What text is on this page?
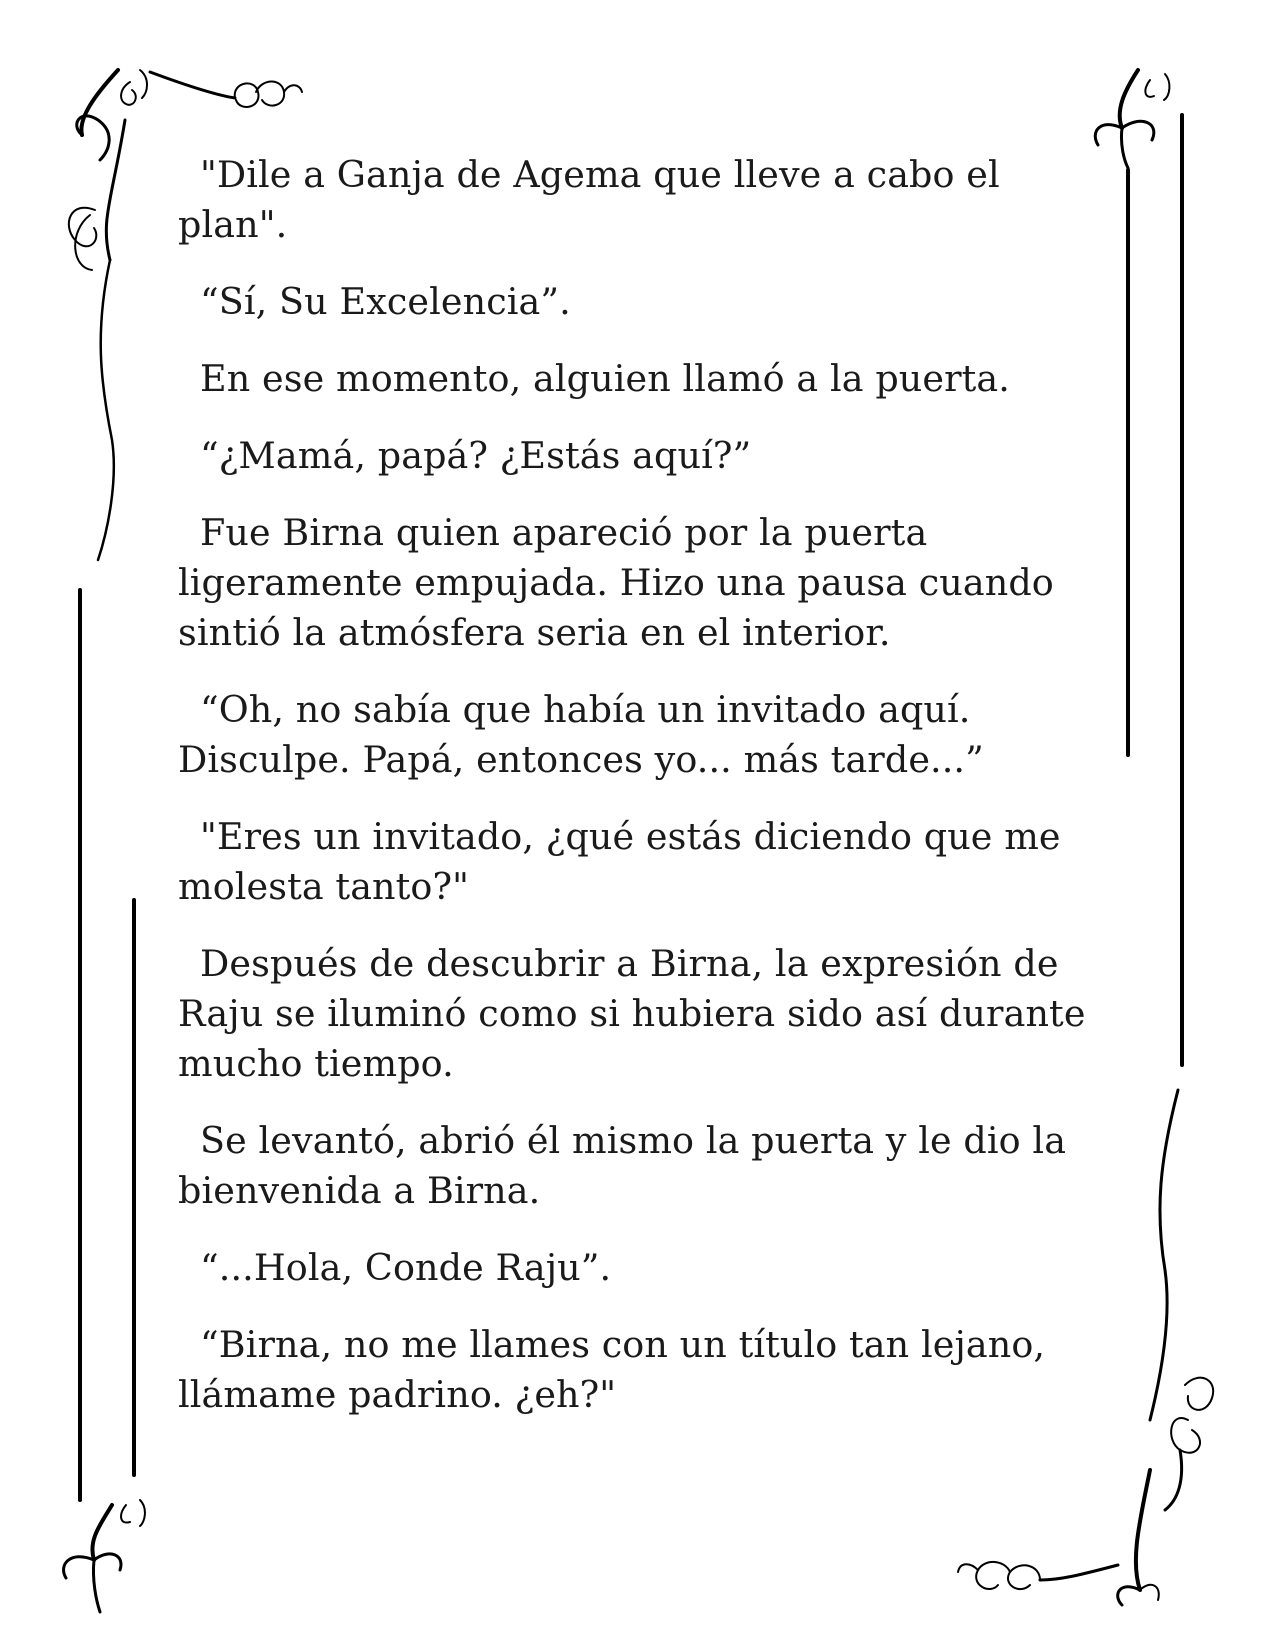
"Dile a Ganja de Agema que lleve a cabo el plan".

“Sí, Su Excelencia”.

En ese momento, alguien llamó a la puerta.

“¿Mamá, papá? ¿Estás aquí?”

Fue Birna quien apareció por la puerta ligeramente empujada. Hizo una pausa cuando sintió la atmósfera seria en el interior.

“Oh, no sabía que había un invitado aquí. Disculpe. Papá, entonces yo... más tarde...”

"Eres un invitado, ¿qué estás diciendo que me molesta tanto?"

Después de descubrir a Birna, la expresión de Raju se iluminó como si hubiera sido así durante mucho tiempo.

Se levantó, abrió él mismo la puerta y le dio la bienvenida a Birna.

“...Hola, Conde Raju”.

“Birna, no me llames con un título tan lejano, llámame padrino. ¿eh?"
